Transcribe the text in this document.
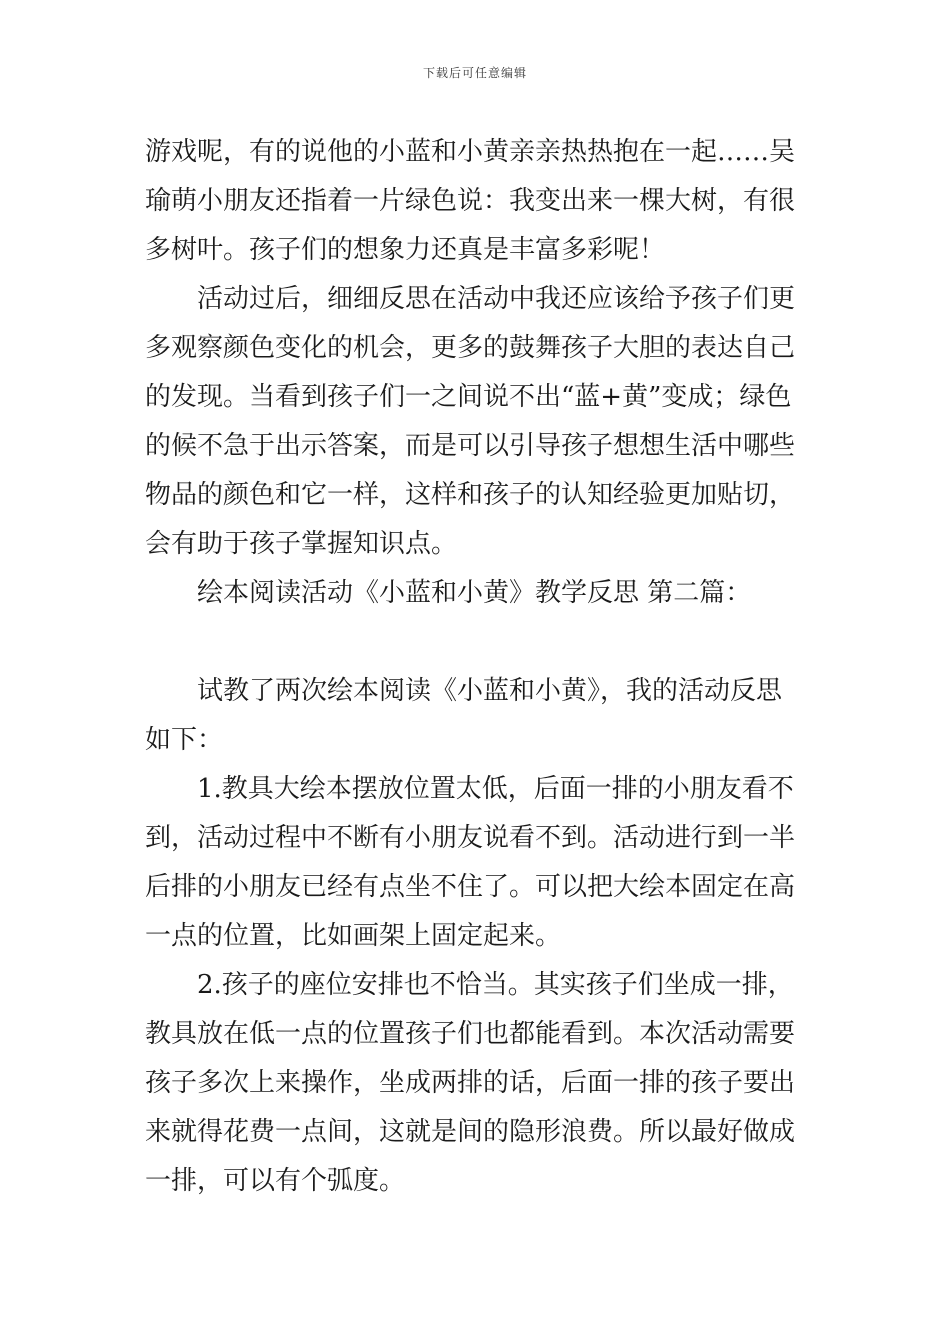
下载后可任意编辑

游戏呢，有的说他的小蓝和小黄亲亲热热抱在一起……吴

瑜萌小朋友还指着一片绿色说：我变出来一棵大树，有很

多树叶。孩子们的想象力还真是丰富多彩呢！

　　活动过后，细细反思在活动中我还应该给予孩子们更

多观察颜色变化的机会，更多的鼓舞孩子大胆的表达自己

的发现。当看到孩子们一之间说不出“蓝+黄”变成；绿色

的候不急于出示答案，而是可以引导孩子想想生活中哪些

物品的颜色和它一样，这样和孩子的认知经验更加贴切，

会有助于孩子掌握知识点。

　　绘本阅读活动《小蓝和小黄》教学反思 第二篇：

　　试教了两次绘本阅读《小蓝和小黄》，我的活动反思

如下：

　　1.教具大绘本摆放位置太低，后面一排的小朋友看不

到，活动过程中不断有小朋友说看不到。活动进行到一半

后排的小朋友已经有点坐不住了。可以把大绘本固定在高

一点的位置，比如画架上固定起来。

　　2.孩子的座位安排也不恰当。其实孩子们坐成一排，

教具放在低一点的位置孩子们也都能看到。本次活动需要

孩子多次上来操作，坐成两排的话，后面一排的孩子要出

来就得花费一点间，这就是间的隐形浪费。所以最好做成

一排，可以有个弧度。
